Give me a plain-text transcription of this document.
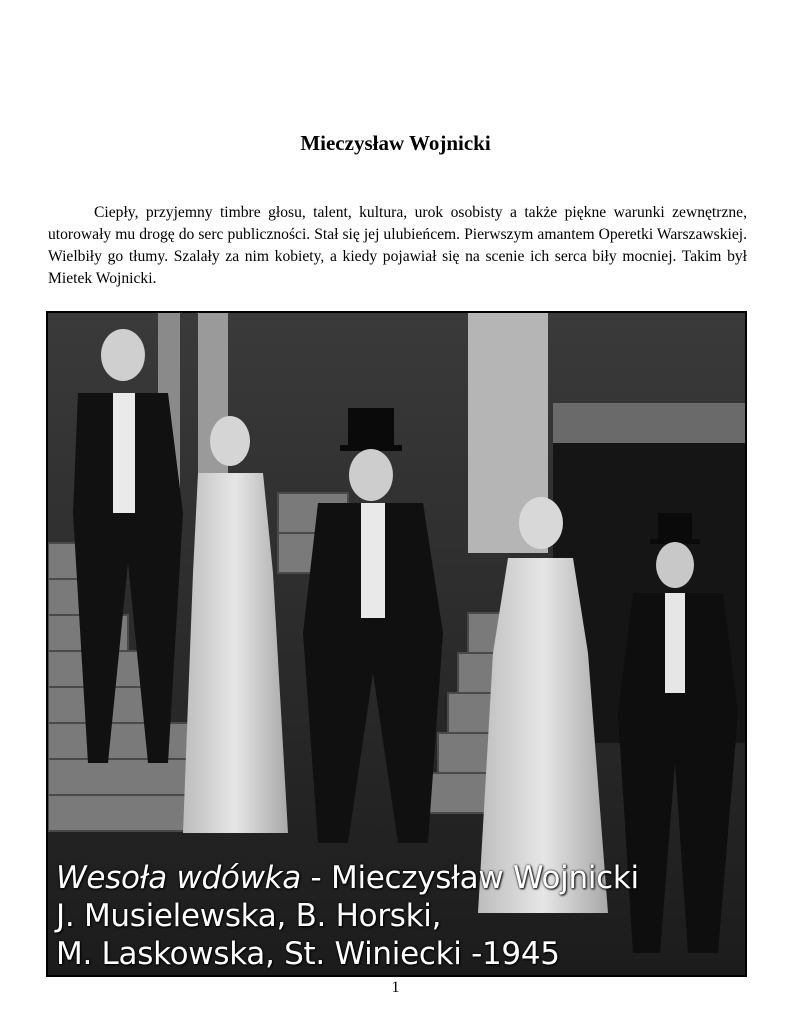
Mieczysław Wojnicki

Ciepły, przyjemny timbre głosu, talent, kultura, urok osobisty a także piękne warunki zewnętrzne, utorowały mu drogę do serc publiczności. Stał się jej ulubieńcem. Pierwszym amantem Operetki Warszawskiej. Wielbiły go tłumy. Szalały za nim kobiety, a kiedy pojawiał się na scenie ich serca biły mocniej. Takim był Mietek Wojnicki.

Wesoła wdówka - Mieczysław Wojnicki
J. Musielewska, B. Horski,
M. Laskowska, St. Winiecki -1945
1
